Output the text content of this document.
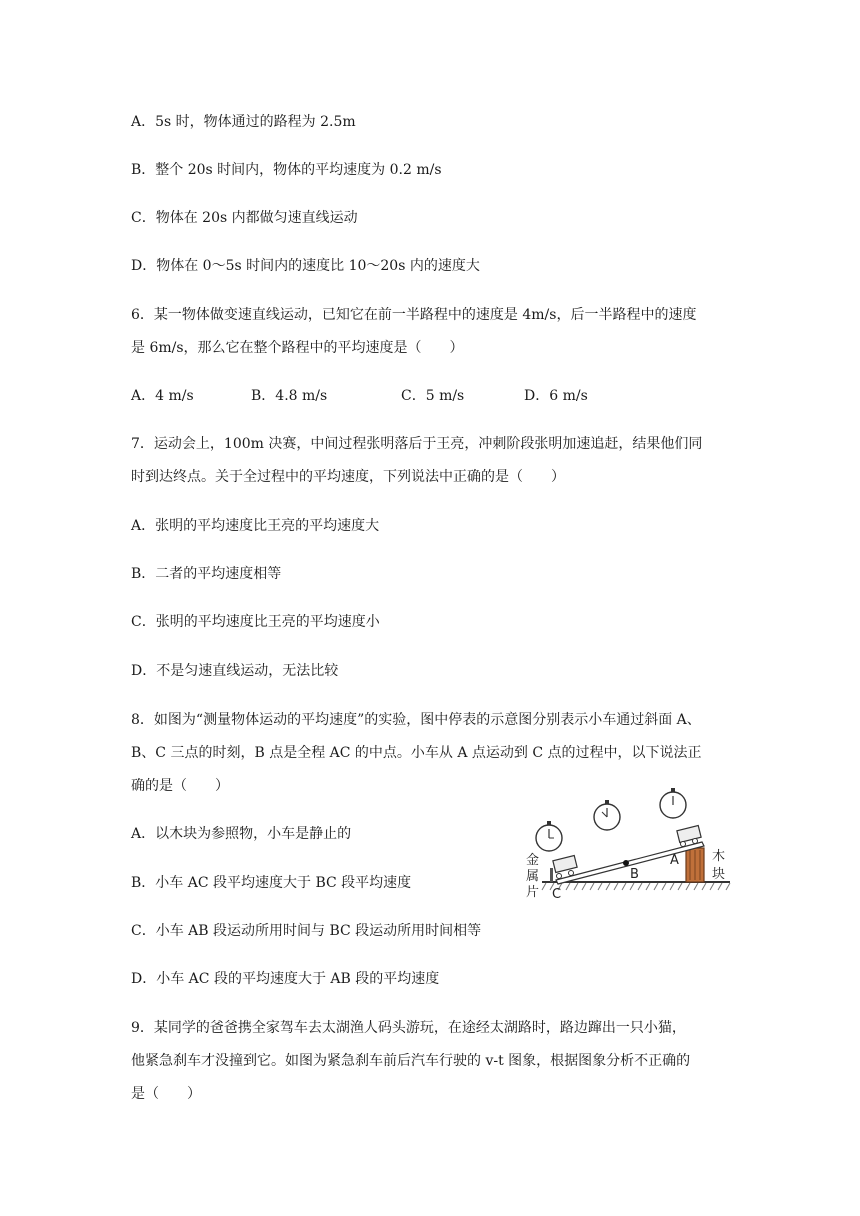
A．5s 时，物体通过的路程为 2.5m
B．整个 20s 时间内，物体的平均速度为 0.2 m/s
C．物体在 20s 内都做匀速直线运动
D．物体在 0～5s 时间内的速度比 10～20s 内的速度大
6．某一物体做变速直线运动，已知它在前一半路程中的速度是 4m/s，后一半路程中的速度
是 6m/s，那么它在整个路程中的平均速度是（　　）
A．4 m/s	B．4.8 m/s	C．5 m/s	D．6 m/s
7．运动会上，100m 决赛，中间过程张明落后于王亮，冲刺阶段张明加速追赶，结果他们同
时到达终点。关于全过程中的平均速度，下列说法中正确的是（　　）
A．张明的平均速度比王亮的平均速度大
B．二者的平均速度相等
C．张明的平均速度比王亮的平均速度小
D．不是匀速直线运动，无法比较
8．如图为“测量物体运动的平均速度”的实验，图中停表的示意图分别表示小车通过斜面 A、
B、C 三点的时刻，B 点是全程 AC 的中点。小车从 A 点运动到 C 点的过程中，以下说法正
确的是（　　）
A．以木块为参照物，小车是静止的
B．小车 AC 段平均速度大于 BC 段平均速度
C．小车 AB 段运动所用时间与 BC 段运动所用时间相等
D．小车 AC 段的平均速度大于 AB 段的平均速度
金
属
片 C
B
A	木
块
9．某同学的爸爸携全家驾车去太湖渔人码头游玩，在途经太湖路时，路边蹿出一只小猫，
他紧急刹车才没撞到它。如图为紧急刹车前后汽车行驶的 v-t 图象，根据图象分析不正确的
是（　　）
